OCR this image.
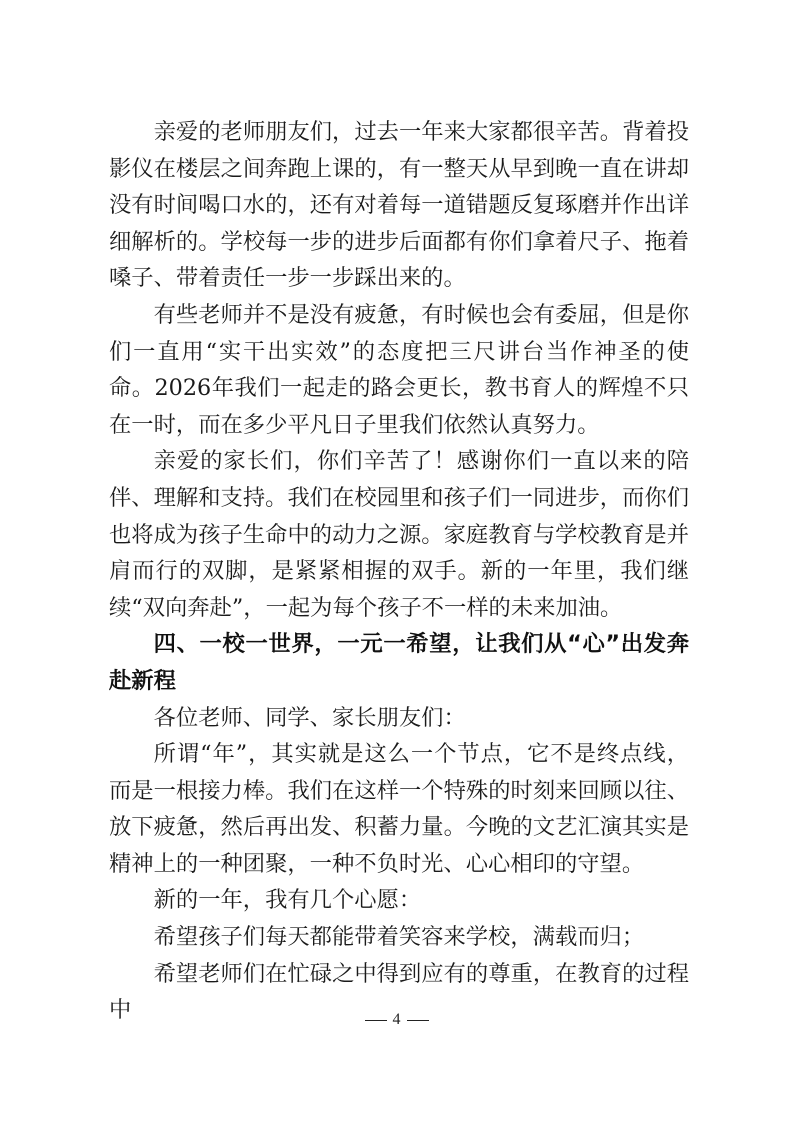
亲爱的老师朋友们，过去一年来大家都很辛苦。背着投影仪在楼层之间奔跑上课的，有一整天从早到晚一直在讲却没有时间喝口水的，还有对着每一道错题反复琢磨并作出详细解析的。学校每一步的进步后面都有你们拿着尺子、拖着嗓子、带着责任一步一步踩出来的。

有些老师并不是没有疲惫，有时候也会有委屈，但是你们一直用“实干出实效”的态度把三尺讲台当作神圣的使命。2026年我们一起走的路会更长，教书育人的辉煌不只在一时，而在多少平凡日子里我们依然认真努力。

亲爱的家长们，你们辛苦了！感谢你们一直以来的陪伴、理解和支持。我们在校园里和孩子们一同进步，而你们也将成为孩子生命中的动力之源。家庭教育与学校教育是并肩而行的双脚，是紧紧相握的双手。新的一年里，我们继续“双向奔赴”，一起为每个孩子不一样的未来加油。

四、一校一世界，一元一希望，让我们从“心”出发奔赴新程

各位老师、同学、家长朋友们：

所谓“年”，其实就是这么一个节点，它不是终点线，而是一根接力棒。我们在这样一个特殊的时刻来回顾以往、放下疲惫，然后再出发、积蓄力量。今晚的文艺汇演其实是精神上的一种团聚，一种不负时光、心心相印的守望。

新的一年，我有几个心愿：

希望孩子们每天都能带着笑容来学校，满载而归；

希望老师们在忙碌之中得到应有的尊重，在教育的过程中	4
